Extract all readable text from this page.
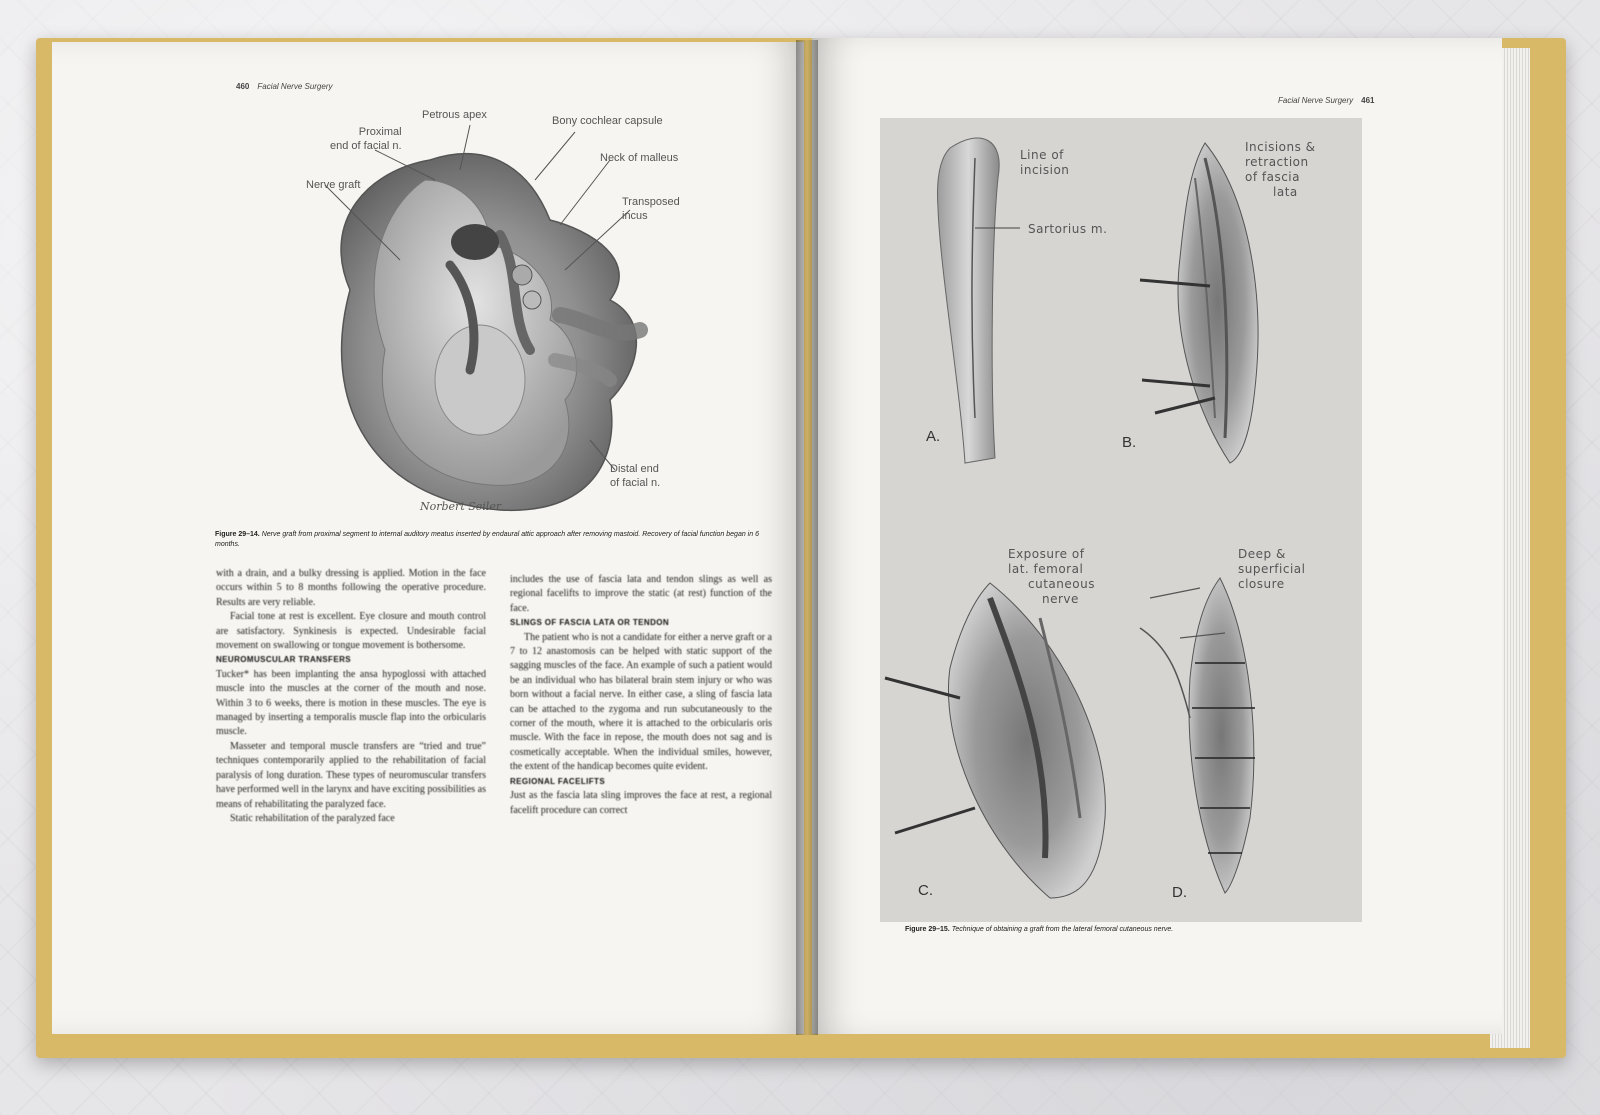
460 Facial Nerve Surgery
Norbert Seiler
Proximal
end of facial n.
Petrous apex	Bony cochlear capsule
Neck of malleus
Transposed
incus
Nerve graft
Distal end
of facial n.
Figure 29–14. Nerve graft from proximal segment to internal auditory meatus inserted by endaural attic approach after removing mastoid. Recovery of facial function began in 6 months.

with a drain, and a bulky dressing is applied. Motion in the face occurs within 5 to 8 months following the operative procedure. Results are very reliable.

Facial tone at rest is excellent. Eye closure and mouth control are satisfactory. Synkinesis is expected. Undesirable facial movement on swallowing or tongue movement is bothersome.

NEUROMUSCULAR TRANSFERS

Tucker* has been implanting the ansa hypoglossi with attached muscle into the muscles at the corner of the mouth and nose. Within 3 to 6 weeks, there is motion in these muscles. The eye is managed by inserting a temporalis muscle flap into the orbicularis muscle.

Masseter and temporal muscle transfers are “tried and true” techniques contemporarily applied to the rehabilitation of facial paralysis of long duration. These types of neuromuscular transfers have performed well in the larynx and have exciting possibilities as means of rehabilitating the paralyzed face.

Static rehabilitation of the paralyzed face

includes the use of fascia lata and tendon slings as well as regional facelifts to improve the static (at rest) function of the face.

SLINGS OF FASCIA LATA OR TENDON

The patient who is not a candidate for either a nerve graft or a 7 to 12 anastomosis can be helped with static support of the sagging muscles of the face. An example of such a patient would be an individual who has bilateral brain stem injury or who was born without a facial nerve. In either case, a sling of fascia lata can be attached to the zygoma and run subcutaneously to the corner of the mouth, where it is attached to the orbicularis oris muscle. With the face in repose, the mouth does not sag and is cosmetically acceptable. When the individual smiles, however, the extent of the handicap becomes quite evident.

REGIONAL FACELIFTS

Just as the fascia lata sling improves the face at rest, a regional facelift procedure can correct

Facial Nerve Surgery 461
Line of
incision
Sartorius m.
Incisions &
retraction
of fascia
lata
Exposure of
lat. femoral
cutaneous
nerve
Deep &
superficial
closure
A.	B.
C.	D.
Figure 29–15. Technique of obtaining a graft from the lateral femoral cutaneous nerve.
